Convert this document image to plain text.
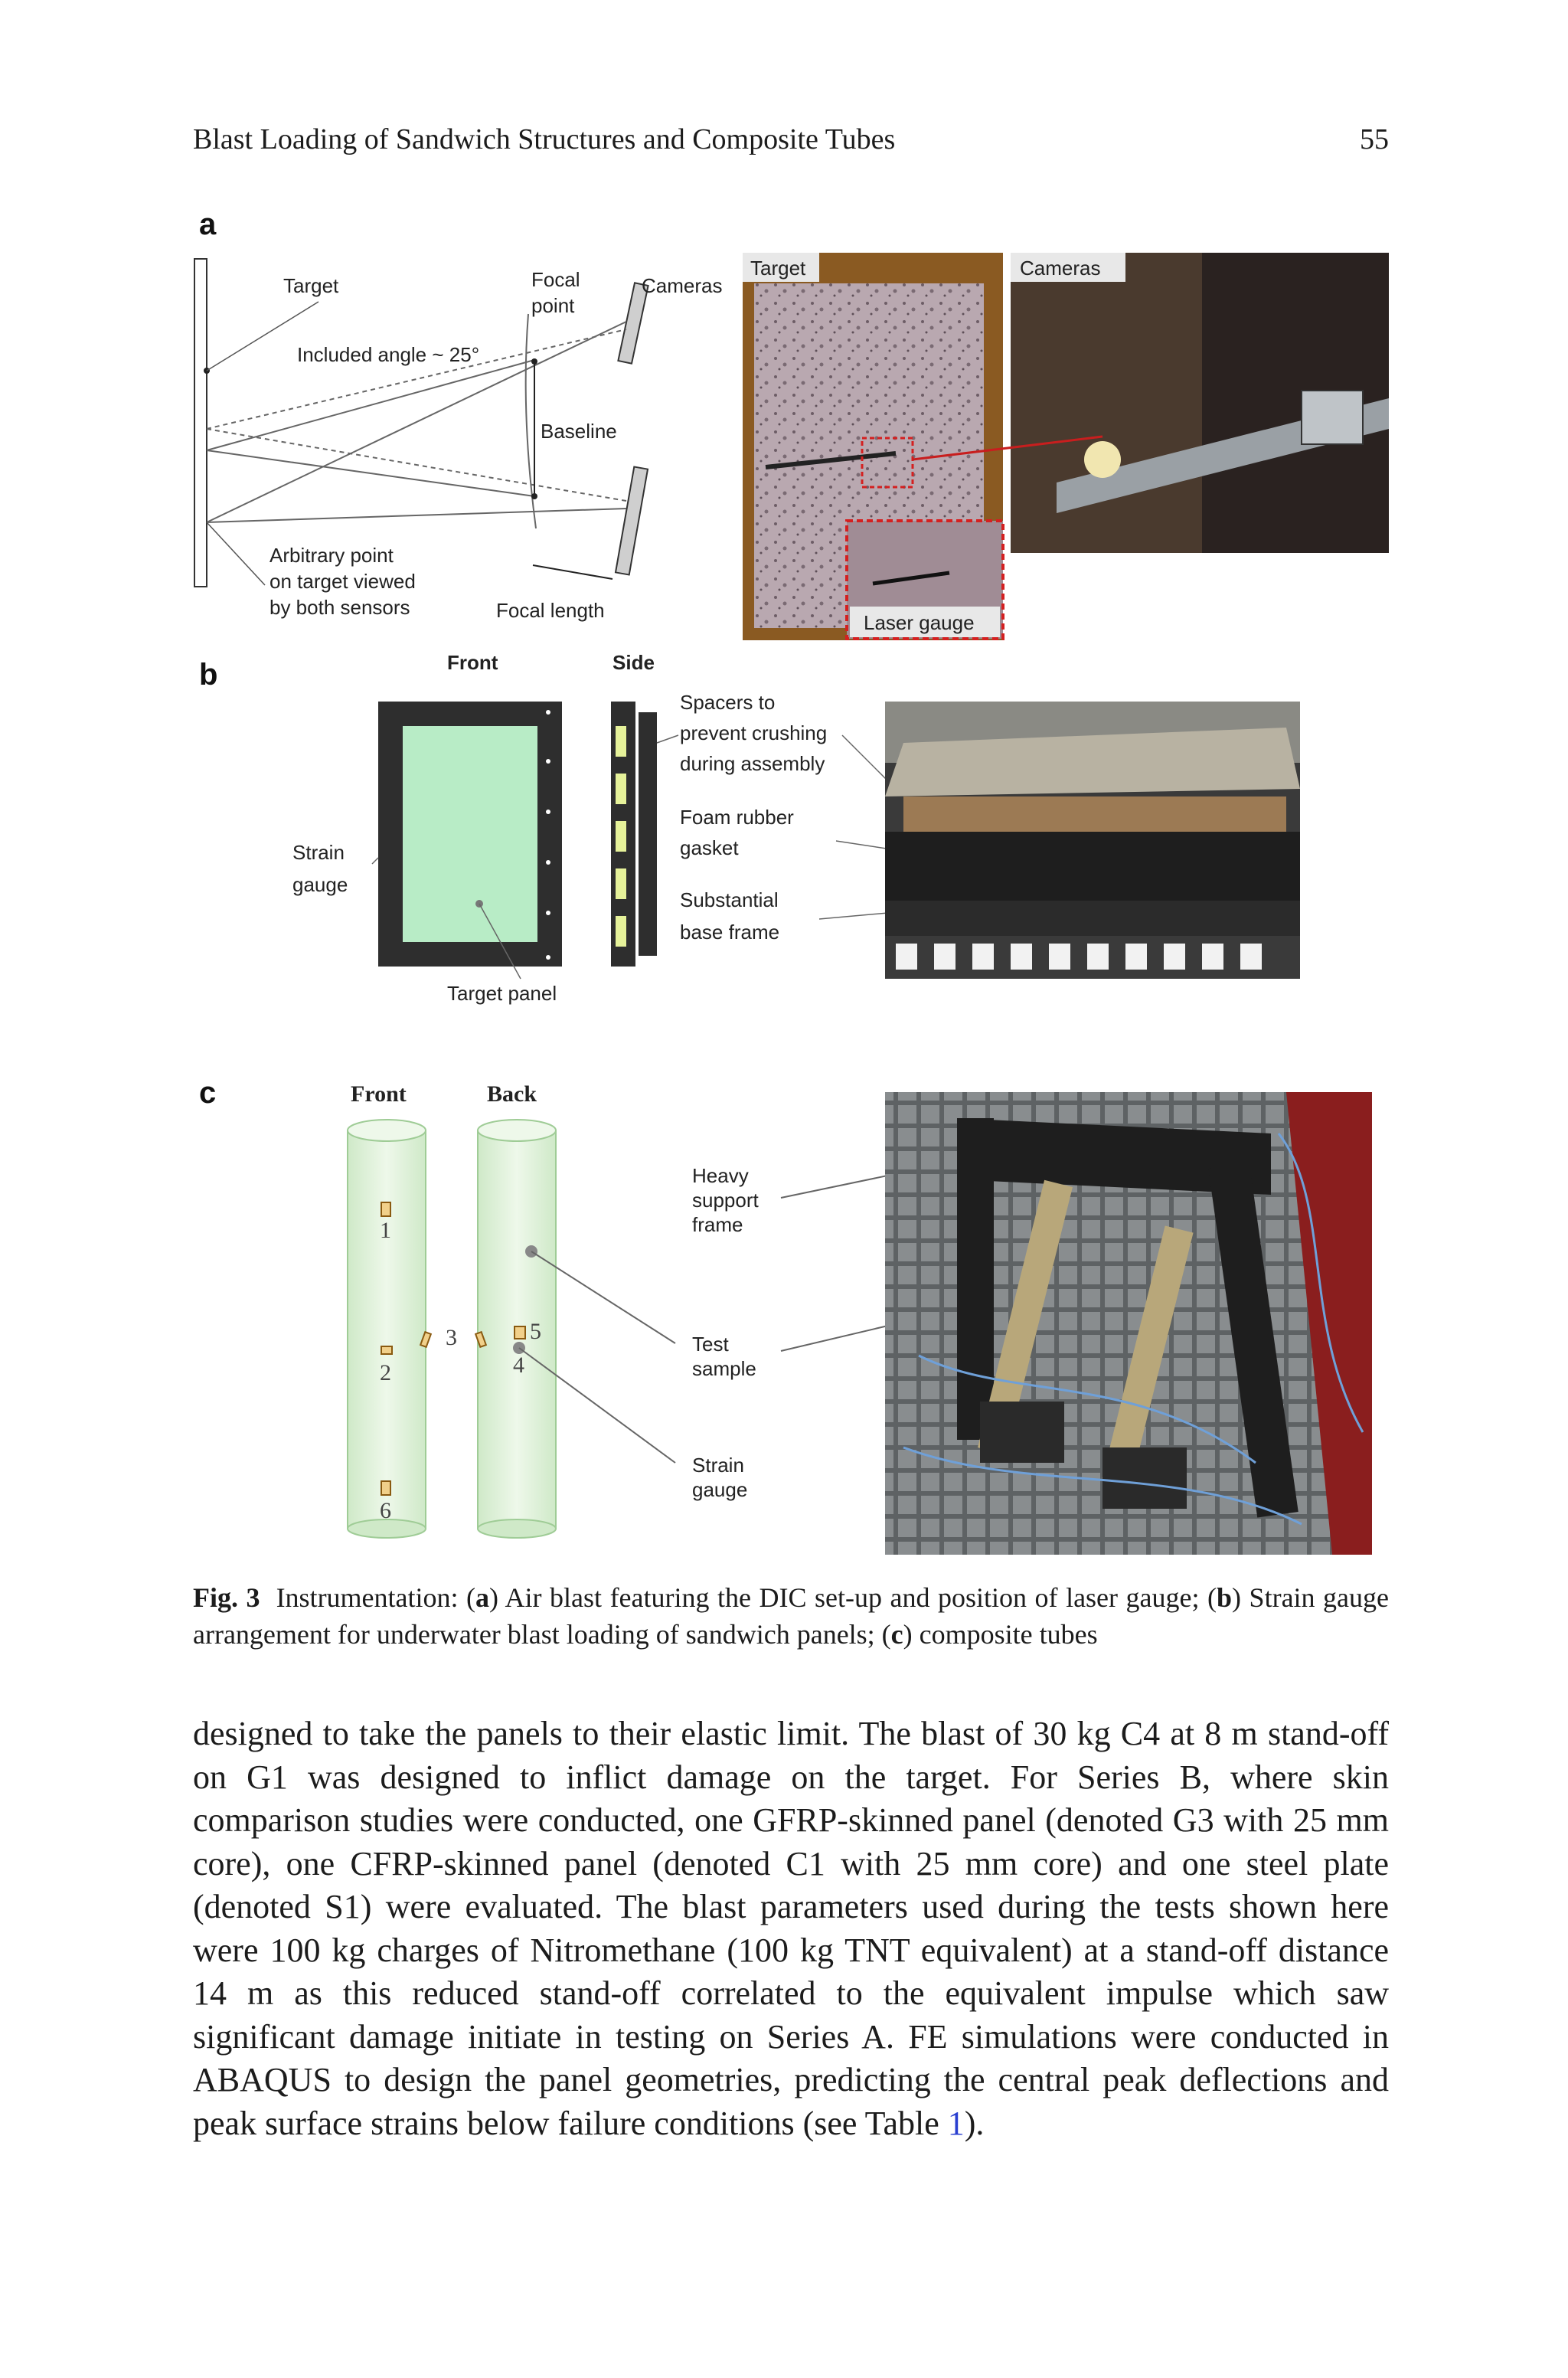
Blast Loading of Sandwich Structures and Composite Tubes	55
a
Target	Focal
point
Cameras
Included angle ~ 25°
Baseline
Arbitrary point
on target viewed
by both sensors	Focal length
Target
Laser gauge
Cameras
b	Front	Side
Strain
gauge
Target panel
Spacers to
prevent crushing
during assembly
Foam rubber
gasket
Substantial
base frame
c	Front	Back
1
2
3
4
5
6
Heavy
support
frame
Test
sample
Strain
gauge
Fig. 3 Instrumentation: (a) Air blast featuring the DIC set-up and position of laser gauge; (b) Strain gauge arrangement for underwater blast loading of sandwich panels; (c) composite tubes
designed to take the panels to their elastic limit. The blast of 30 kg C4 at 8 m stand-off on G1 was designed to inflict damage on the target. For Series B, where skin comparison studies were conducted, one GFRP-skinned panel (denoted G3 with 25 mm core), one CFRP-skinned panel (denoted C1 with 25 mm core) and one steel plate (denoted S1) were evaluated. The blast parameters used during the tests shown here were 100 kg charges of Nitromethane (100 kg TNT equivalent) at a stand-off distance 14 m as this reduced stand-off correlated to the equivalent impulse which saw significant damage initiate in testing on Series A. FE simulations were conducted in ABAQUS to design the panel geometries, predicting the central peak deflections and peak surface strains below failure conditions (see Table 1).
